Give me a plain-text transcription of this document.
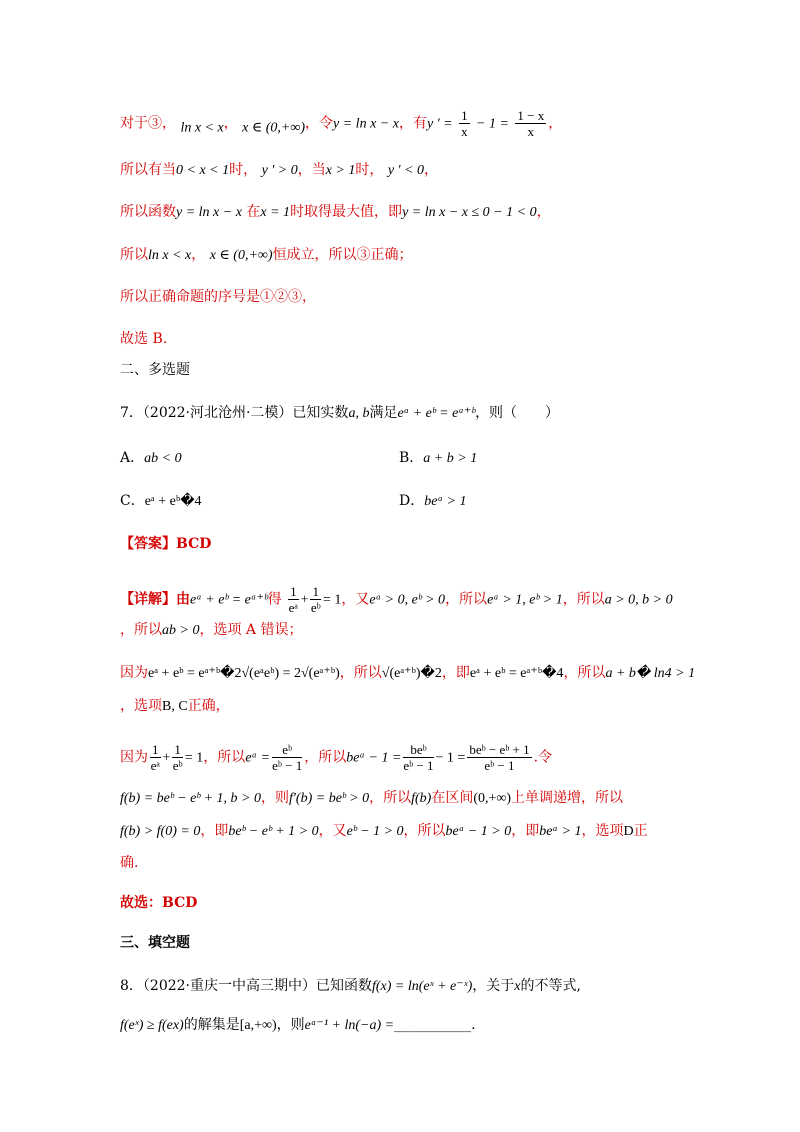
对于③， ln x < x， x ∈ (0,+∞)，令y = ln x − x，有y ' = $\frac{1}{x} - 1 = \frac{1 - x}{x}$ ，
所以有当0 < x < 1时， y ' > 0，当x > 1时， y ' < 0，
所以函数y = ln x − x 在x = 1时取得最大值，即y = ln x − x ≤ 0 − 1 < 0，
所以ln x < x， x ∈ (0,+∞)恒成立，所以③正确；
所以正确命题的序号是①②③，
故选 B.
二、多选题
7．（2022·河北沧州·二模）已知实数a, b满足eᵃ + eᵇ = eᵃ⁺ᵇ，则（　　）
A．ab < 0	B．a + b > 1
C．eᵃ + eᵇ�4	D．beᵃ > 1
【答案】BCD
【详解】由eᵃ + eᵇ = eᵃ⁺ᵇ得 $\frac{1}{\text{eᵃ}} + \frac{1}{\text{eᵇ}} = 1$，又eᵃ > 0, eᵇ > 0，所以eᵃ > 1, eᵇ > 1，所以a > 0, b > 0
，所以ab > 0，选项 A 错误；
因为eᵃ + eᵇ = eᵃ⁺ᵇ�2√(eᵃeᵇ) = 2√(eᵃ⁺ᵇ)，所以√(eᵃ⁺ᵇ)�2，即eᵃ + eᵇ = eᵃ⁺ᵇ�4，所以a + b� ln4 > 1
，选项B, C正确，
因为 $\frac{1}{\text{eᵃ}} + \frac{1}{\text{eᵇ}} = 1$，所以eᵃ = $\frac{\text{eᵇ}}{\text{eᵇ − 1}}$ ，所以beᵃ − $1 = \frac{\text{beᵇ}}{\text{eᵇ − 1}} - 1 = \frac{\text{beᵇ − eᵇ + 1}}{\text{eᵇ − 1}}$ .令
f(b) = beᵇ − eᵇ + 1, b > 0，则f′(b) = beᵇ > 0，所以f(b)在区间(0,+∞)上单调递增，所以
f(b) > f(0) = 0，即beᵇ − eᵇ + 1 > 0，又eᵇ − 1 > 0，所以beᵃ − 1 > 0，即beᵃ > 1，选项D正
确.
故选：BCD
三、填空题
8．（2022·重庆一中高三期中）已知函数f(x) = ln(eˣ + e⁻ˣ)，关于x的不等式,
f(eˣ) ≥ f(ex)的解集是[a,+∞)，则eᵃ⁻¹ + ln(−a) =___________.
